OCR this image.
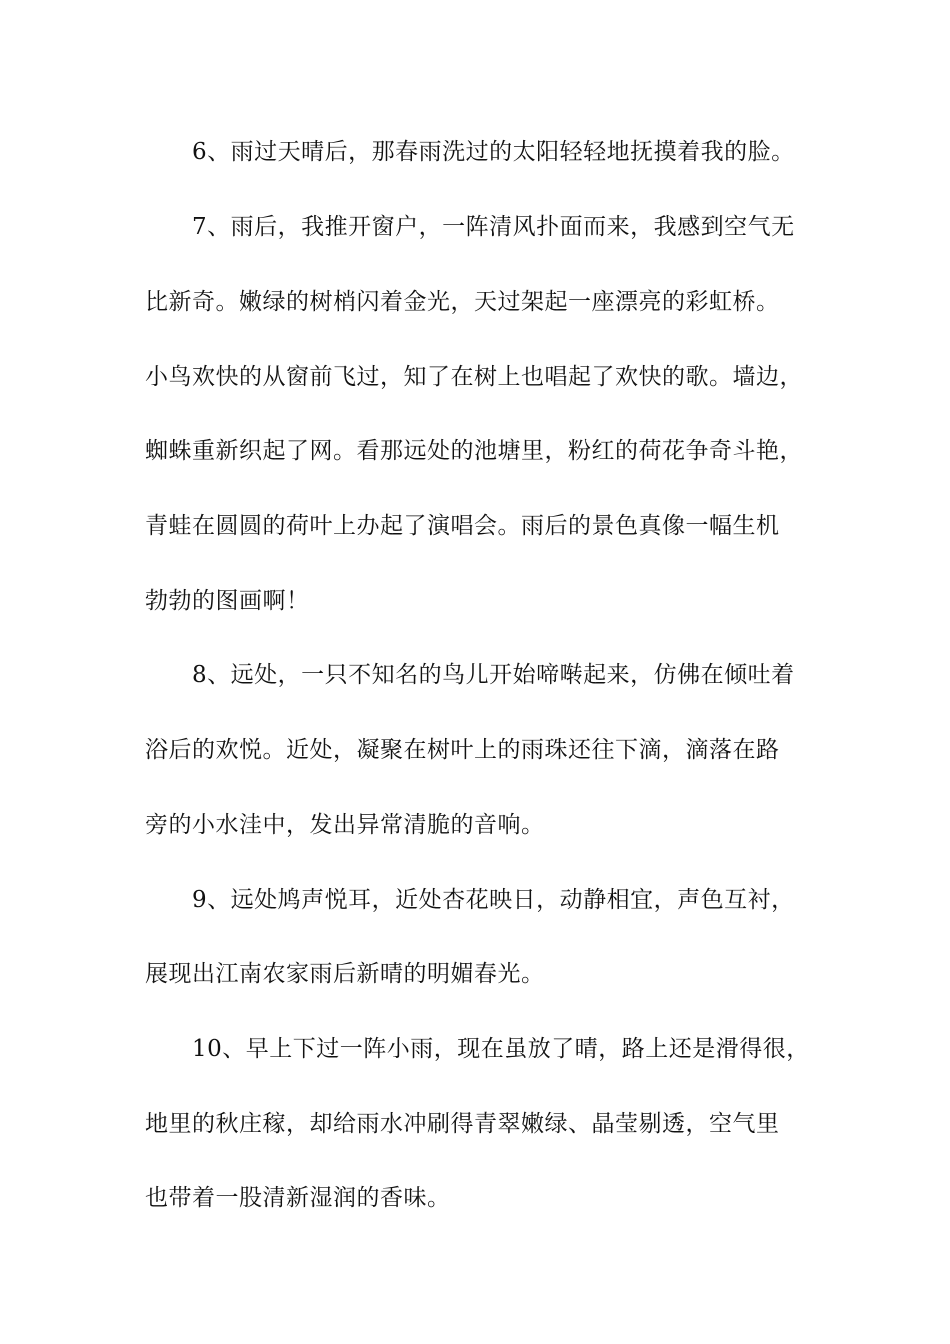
6、雨过天晴后，那春雨洗过的太阳轻轻地抚摸着我的脸。
7、雨后，我推开窗户，一阵清风扑面而来，我感到空气无
比新奇。嫩绿的树梢闪着金光，天过架起一座漂亮的彩虹桥。
小鸟欢快的从窗前飞过，知了在树上也唱起了欢快的歌。墙边，
蜘蛛重新织起了网。看那远处的池塘里，粉红的荷花争奇斗艳，
青蛙在圆圆的荷叶上办起了演唱会。雨后的景色真像一幅生机
勃勃的图画啊！
8、远处，一只不知名的鸟儿开始啼啭起来，仿佛在倾吐着
浴后的欢悦。近处，凝聚在树叶上的雨珠还往下滴，滴落在路
旁的小水洼中，发出异常清脆的音响。
9、远处鸠声悦耳，近处杏花映日，动静相宜，声色互衬，
展现出江南农家雨后新晴的明媚春光。
10、早上下过一阵小雨，现在虽放了晴，路上还是滑得很，
地里的秋庄稼，却给雨水冲刷得青翠嫩绿、晶莹剔透，空气里
也带着一股清新湿润的香味。
